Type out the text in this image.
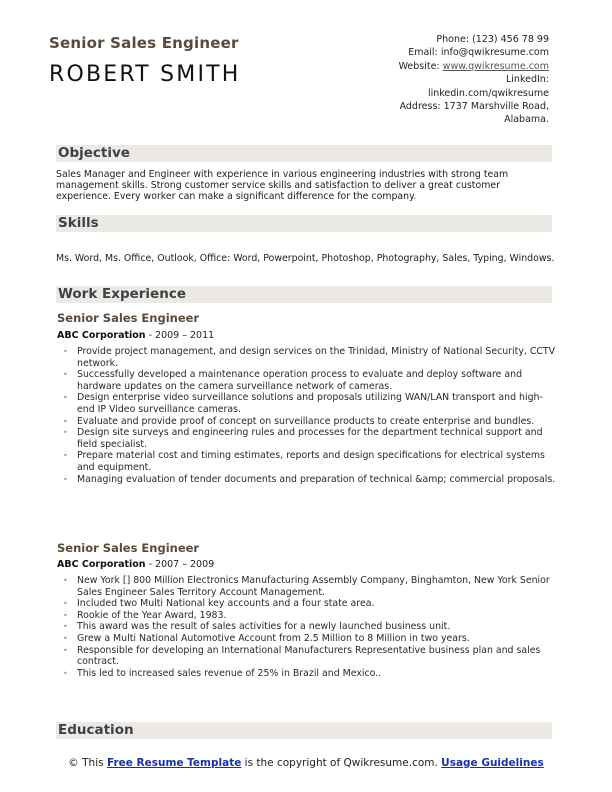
Senior Sales Engineer
ROBERT SMITH
Phone: (123) 456 78 99
Email: info@qwikresume.com
Website: www.qwikresume.com
LinkedIn:
linkedin.com/qwikresume
Address: 1737 Marshville Road,
Alabama.
Objective
Sales Manager and Engineer with experience in various engineering industries with strong team management skills. Strong customer service skills and satisfaction to deliver a great customer experience. Every worker can make a significant difference for the company.
Skills
Ms. Word, Ms. Office, Outlook, Office: Word, Powerpoint, Photoshop, Photography, Sales, Typing, Windows.
Work Experience
Senior Sales Engineer
ABC Corporation - 2009 – 2011
• Provide project management, and design services on the Trinidad, Ministry of National Security, CCTV network.
• Successfully developed a maintenance operation process to evaluate and deploy software and hardware updates on the camera surveillance network of cameras.
• Design enterprise video surveillance solutions and proposals utilizing WAN/LAN transport and high-end IP Video surveillance cameras.
• Evaluate and provide proof of concept on surveillance products to create enterprise and bundles.
• Design site surveys and engineering rules and processes for the department technical support and field specialist.
• Prepare material cost and timing estimates, reports and design specifications for electrical systems and equipment.
• Managing evaluation of tender documents and preparation of technical &amp; commercial proposals.
Senior Sales Engineer
ABC Corporation - 2007 – 2009
• New York [] 800 Million Electronics Manufacturing Assembly Company, Binghamton, New York Senior Sales Engineer Sales Territory Account Management.
• Included two Multi National key accounts and a four state area.
• Rookie of the Year Award, 1983.
• This award was the result of sales activities for a newly launched business unit.
• Grew a Multi National Automotive Account from 2.5 Million to 8 Million in two years.
• Responsible for developing an International Manufacturers Representative business plan and sales contract.
• This led to increased sales revenue of 25% in Brazil and Mexico..
Education
© This Free Resume Template is the copyright of Qwikresume.com. Usage Guidelines
